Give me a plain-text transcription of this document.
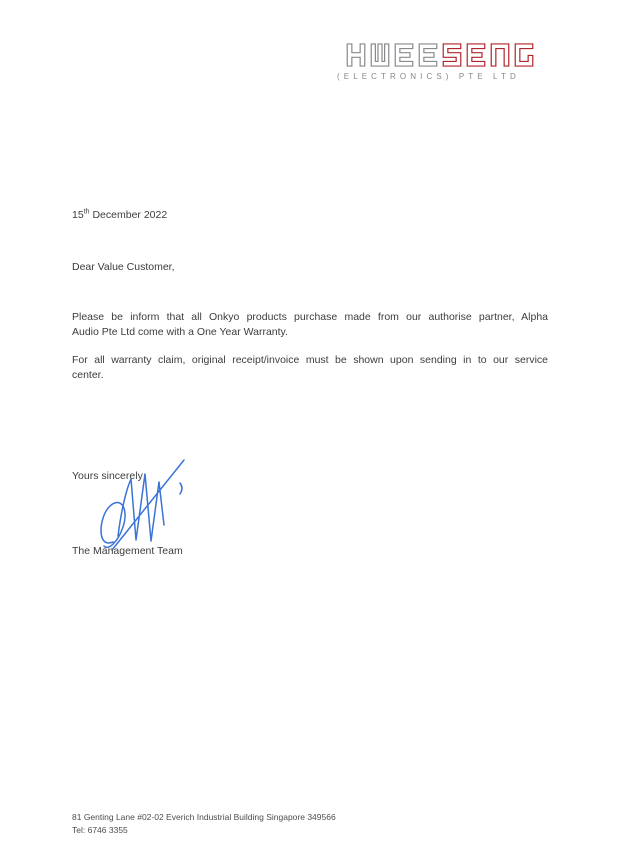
(ELECTRONICS) PTE LTD
15th December 2022
Dear Value Customer,
Please be inform that all Onkyo products purchase made from our authorise partner, Alpha
Audio Pte Ltd come with a One Year Warranty.
For all warranty claim, original receipt/invoice must be shown upon sending in to our service
center.
Yours sincerely
The Management Team
81 Genting Lane #02-02 Everich Industrial Building Singapore 349566
Tel: 6746 3355
